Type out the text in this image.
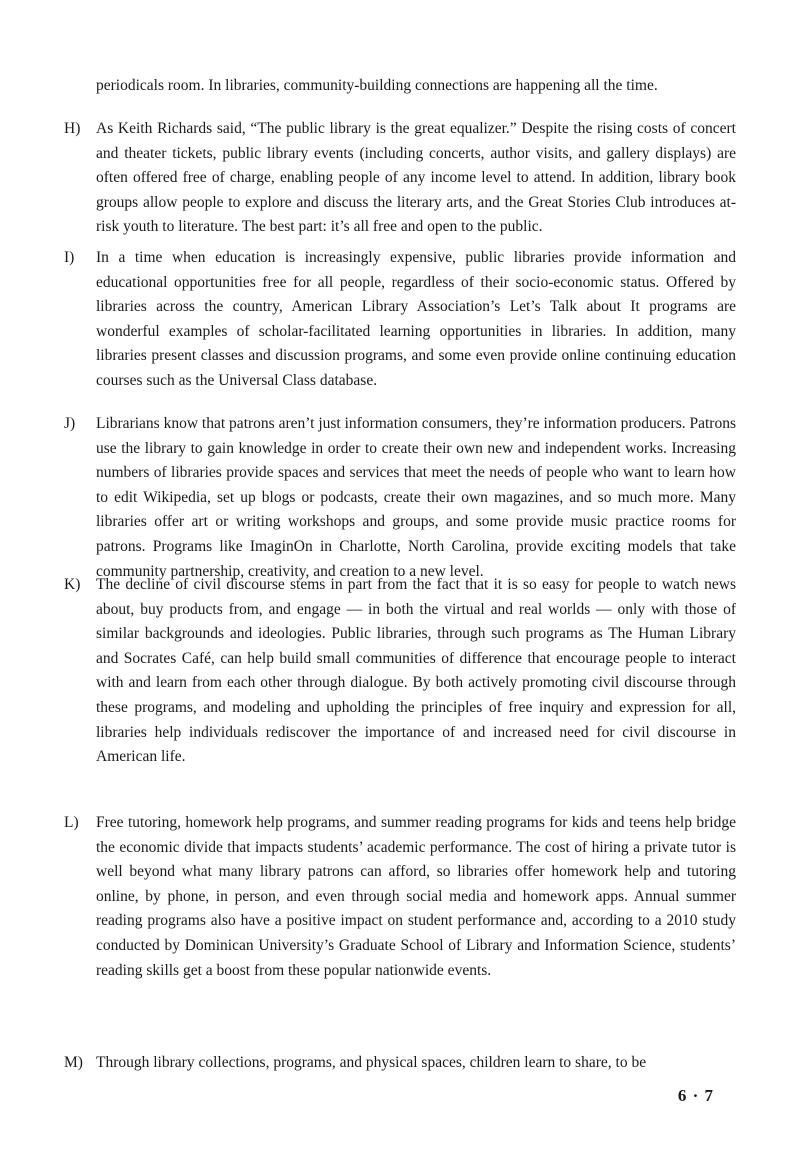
periodicals room. In libraries, community-building connections are happening all the time.

H)	As Keith Richards said, “The public library is the great equalizer.” Despite the rising costs of concert and theater tickets, public library events (including concerts, author visits, and gallery displays) are often offered free of charge, enabling people of any income level to attend. In addition, library book groups allow people to explore and discuss the literary arts, and the Great Stories Club introduces at-risk youth to literature. The best part: it’s all free and open to the public.

I)	In a time when education is increasingly expensive, public libraries provide information and educational opportunities free for all people, regardless of their socio-economic status. Offered by libraries across the country, American Library Association’s Let’s Talk about It programs are wonderful examples of scholar-facilitated learning opportunities in libraries. In addition, many libraries present classes and discussion programs, and some even provide online continuing education courses such as the Universal Class database.

J)	Librarians know that patrons aren’t just information consumers, they’re information producers. Patrons use the library to gain knowledge in order to create their own new and independent works. Increasing numbers of libraries provide spaces and services that meet the needs of people who want to learn how to edit Wikipedia, set up blogs or podcasts, create their own magazines, and so much more. Many libraries offer art or writing workshops and groups, and some provide music practice rooms for patrons. Programs like ImaginOn in Charlotte, North Carolina, provide exciting models that take community partnership, creativity, and creation to a new level.

K)	The decline of civil discourse stems in part from the fact that it is so easy for people to watch news about, buy products from, and engage — in both the virtual and real worlds — only with those of similar backgrounds and ideologies. Public libraries, through such programs as The Human Library and Socrates Café, can help build small communities of difference that encourage people to interact with and learn from each other through dialogue. By both actively promoting civil discourse through these programs, and modeling and upholding the principles of free inquiry and expression for all, libraries help individuals rediscover the importance of and increased need for civil discourse in American life.

L)	Free tutoring, homework help programs, and summer reading programs for kids and teens help bridge the economic divide that impacts students’ academic performance. The cost of hiring a private tutor is well beyond what many library patrons can afford, so libraries offer homework help and tutoring online, by phone, in person, and even through social media and homework apps. Annual summer reading programs also have a positive impact on student performance and, according to a 2010 study conducted by Dominican University’s Graduate School of Library and Information Science, students’ reading skills get a boost from these popular nationwide events.

M) Through library collections, programs, and physical spaces, children learn to share, to be

6 · 7
